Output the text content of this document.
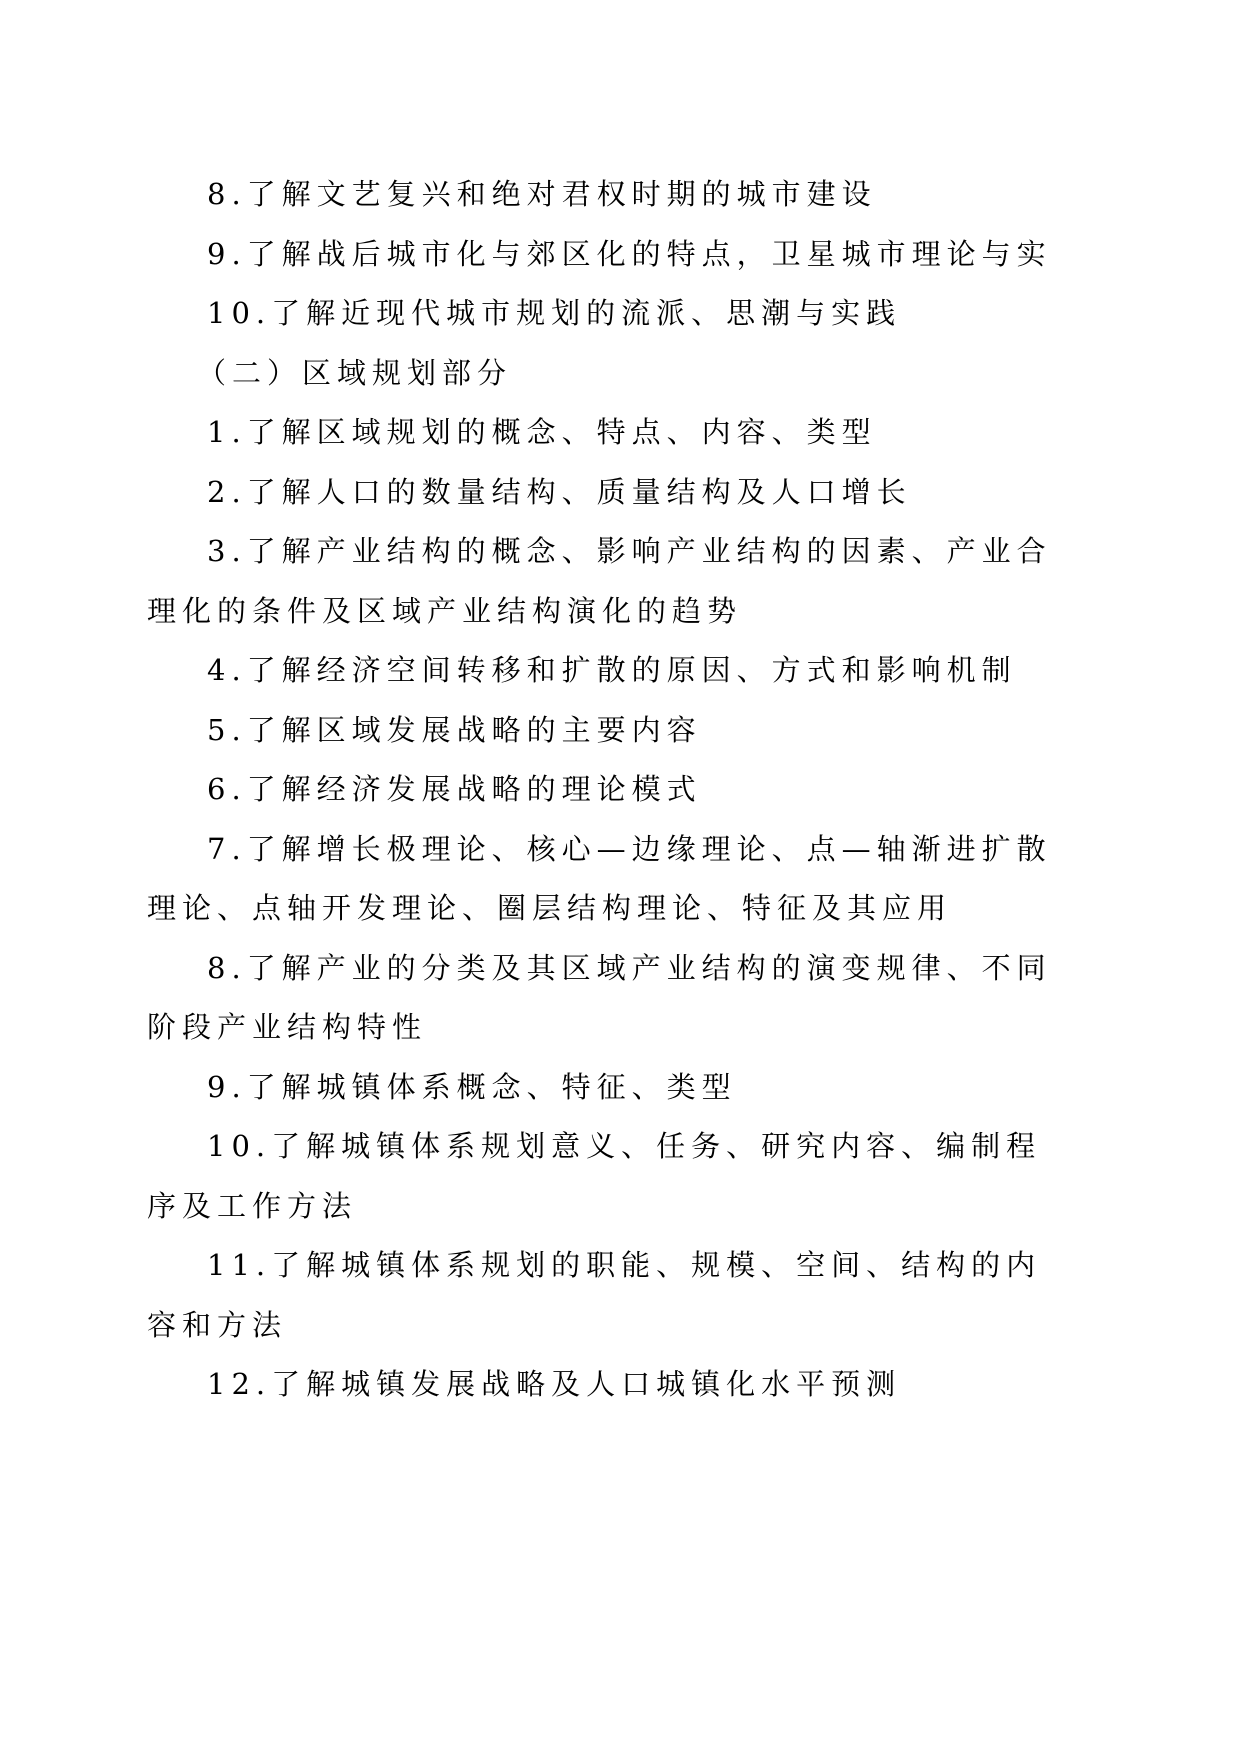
8.了解文艺复兴和绝对君权时期的城市建设
9.了解战后城市化与郊区化的特点，卫星城市理论与实
10.了解近现代城市规划的流派、思潮与实践
（二）区域规划部分
1.了解区域规划的概念、特点、内容、类型
2.了解人口的数量结构、质量结构及人口增长
3.了解产业结构的概念、影响产业结构的因素、产业合
理化的条件及区域产业结构演化的趋势
4.了解经济空间转移和扩散的原因、方式和影响机制
5.了解区域发展战略的主要内容
6.了解经济发展战略的理论模式
7.了解增长极理论、核心—边缘理论、点—轴渐进扩散
理论、点轴开发理论、圈层结构理论、特征及其应用
8.了解产业的分类及其区域产业结构的演变规律、不同
阶段产业结构特性
9.了解城镇体系概念、特征、类型
10.了解城镇体系规划意义、任务、研究内容、编制程
序及工作方法
11.了解城镇体系规划的职能、规模、空间、结构的内
容和方法
12.了解城镇发展战略及人口城镇化水平预测
